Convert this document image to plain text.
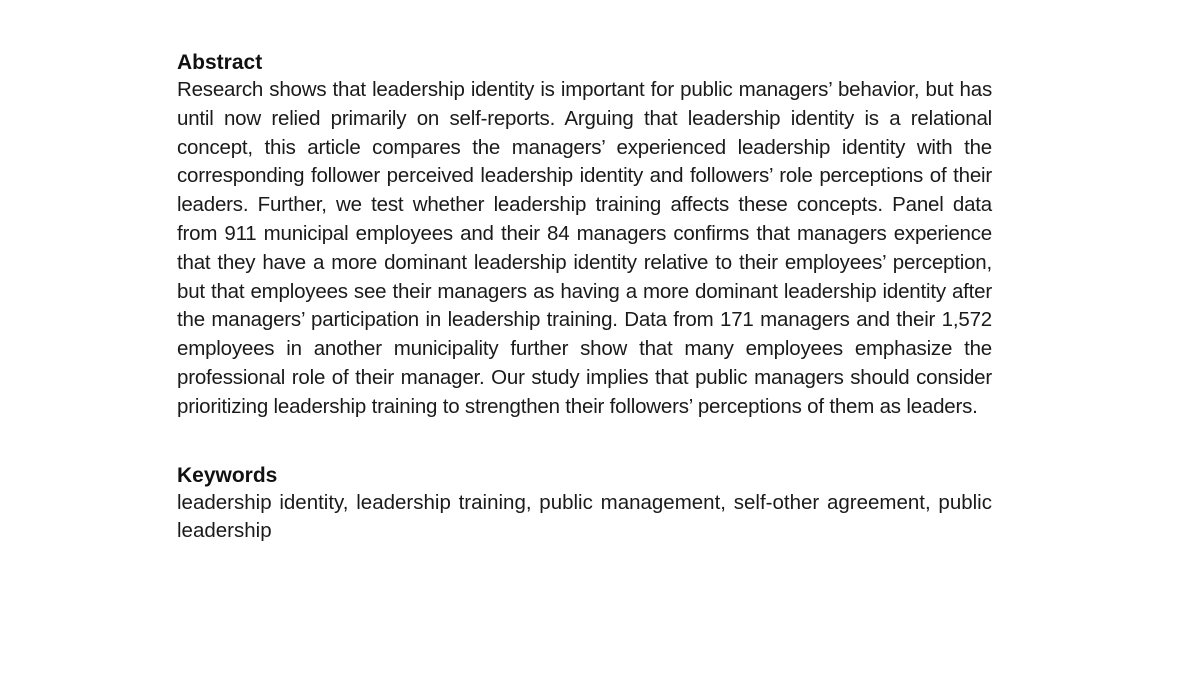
Abstract

Research shows that leadership identity is important for public managers’ behavior, but has until now relied primarily on self-reports. Arguing that leadership identity is a relational concept, this article compares the managers’ experienced leadership identity with the corresponding follower perceived leadership identity and followers’ role perceptions of their leaders. Further, we test whether leadership training affects these concepts. Panel data from 911 municipal employees and their 84 managers confirms that managers experience that they have a more dominant leadership identity relative to their employees’ perception, but that employees see their managers as having a more dominant leadership identity after the managers’ participation in leadership training. Data from 171 managers and their 1,572 employees in another municipality further show that many employees emphasize the professional role of their manager. Our study implies that public managers should consider prioritizing leadership training to strengthen their followers’ perceptions of them as leaders.

Keywords

leadership identity, leadership training, public management, self-other agreement, public leadership
